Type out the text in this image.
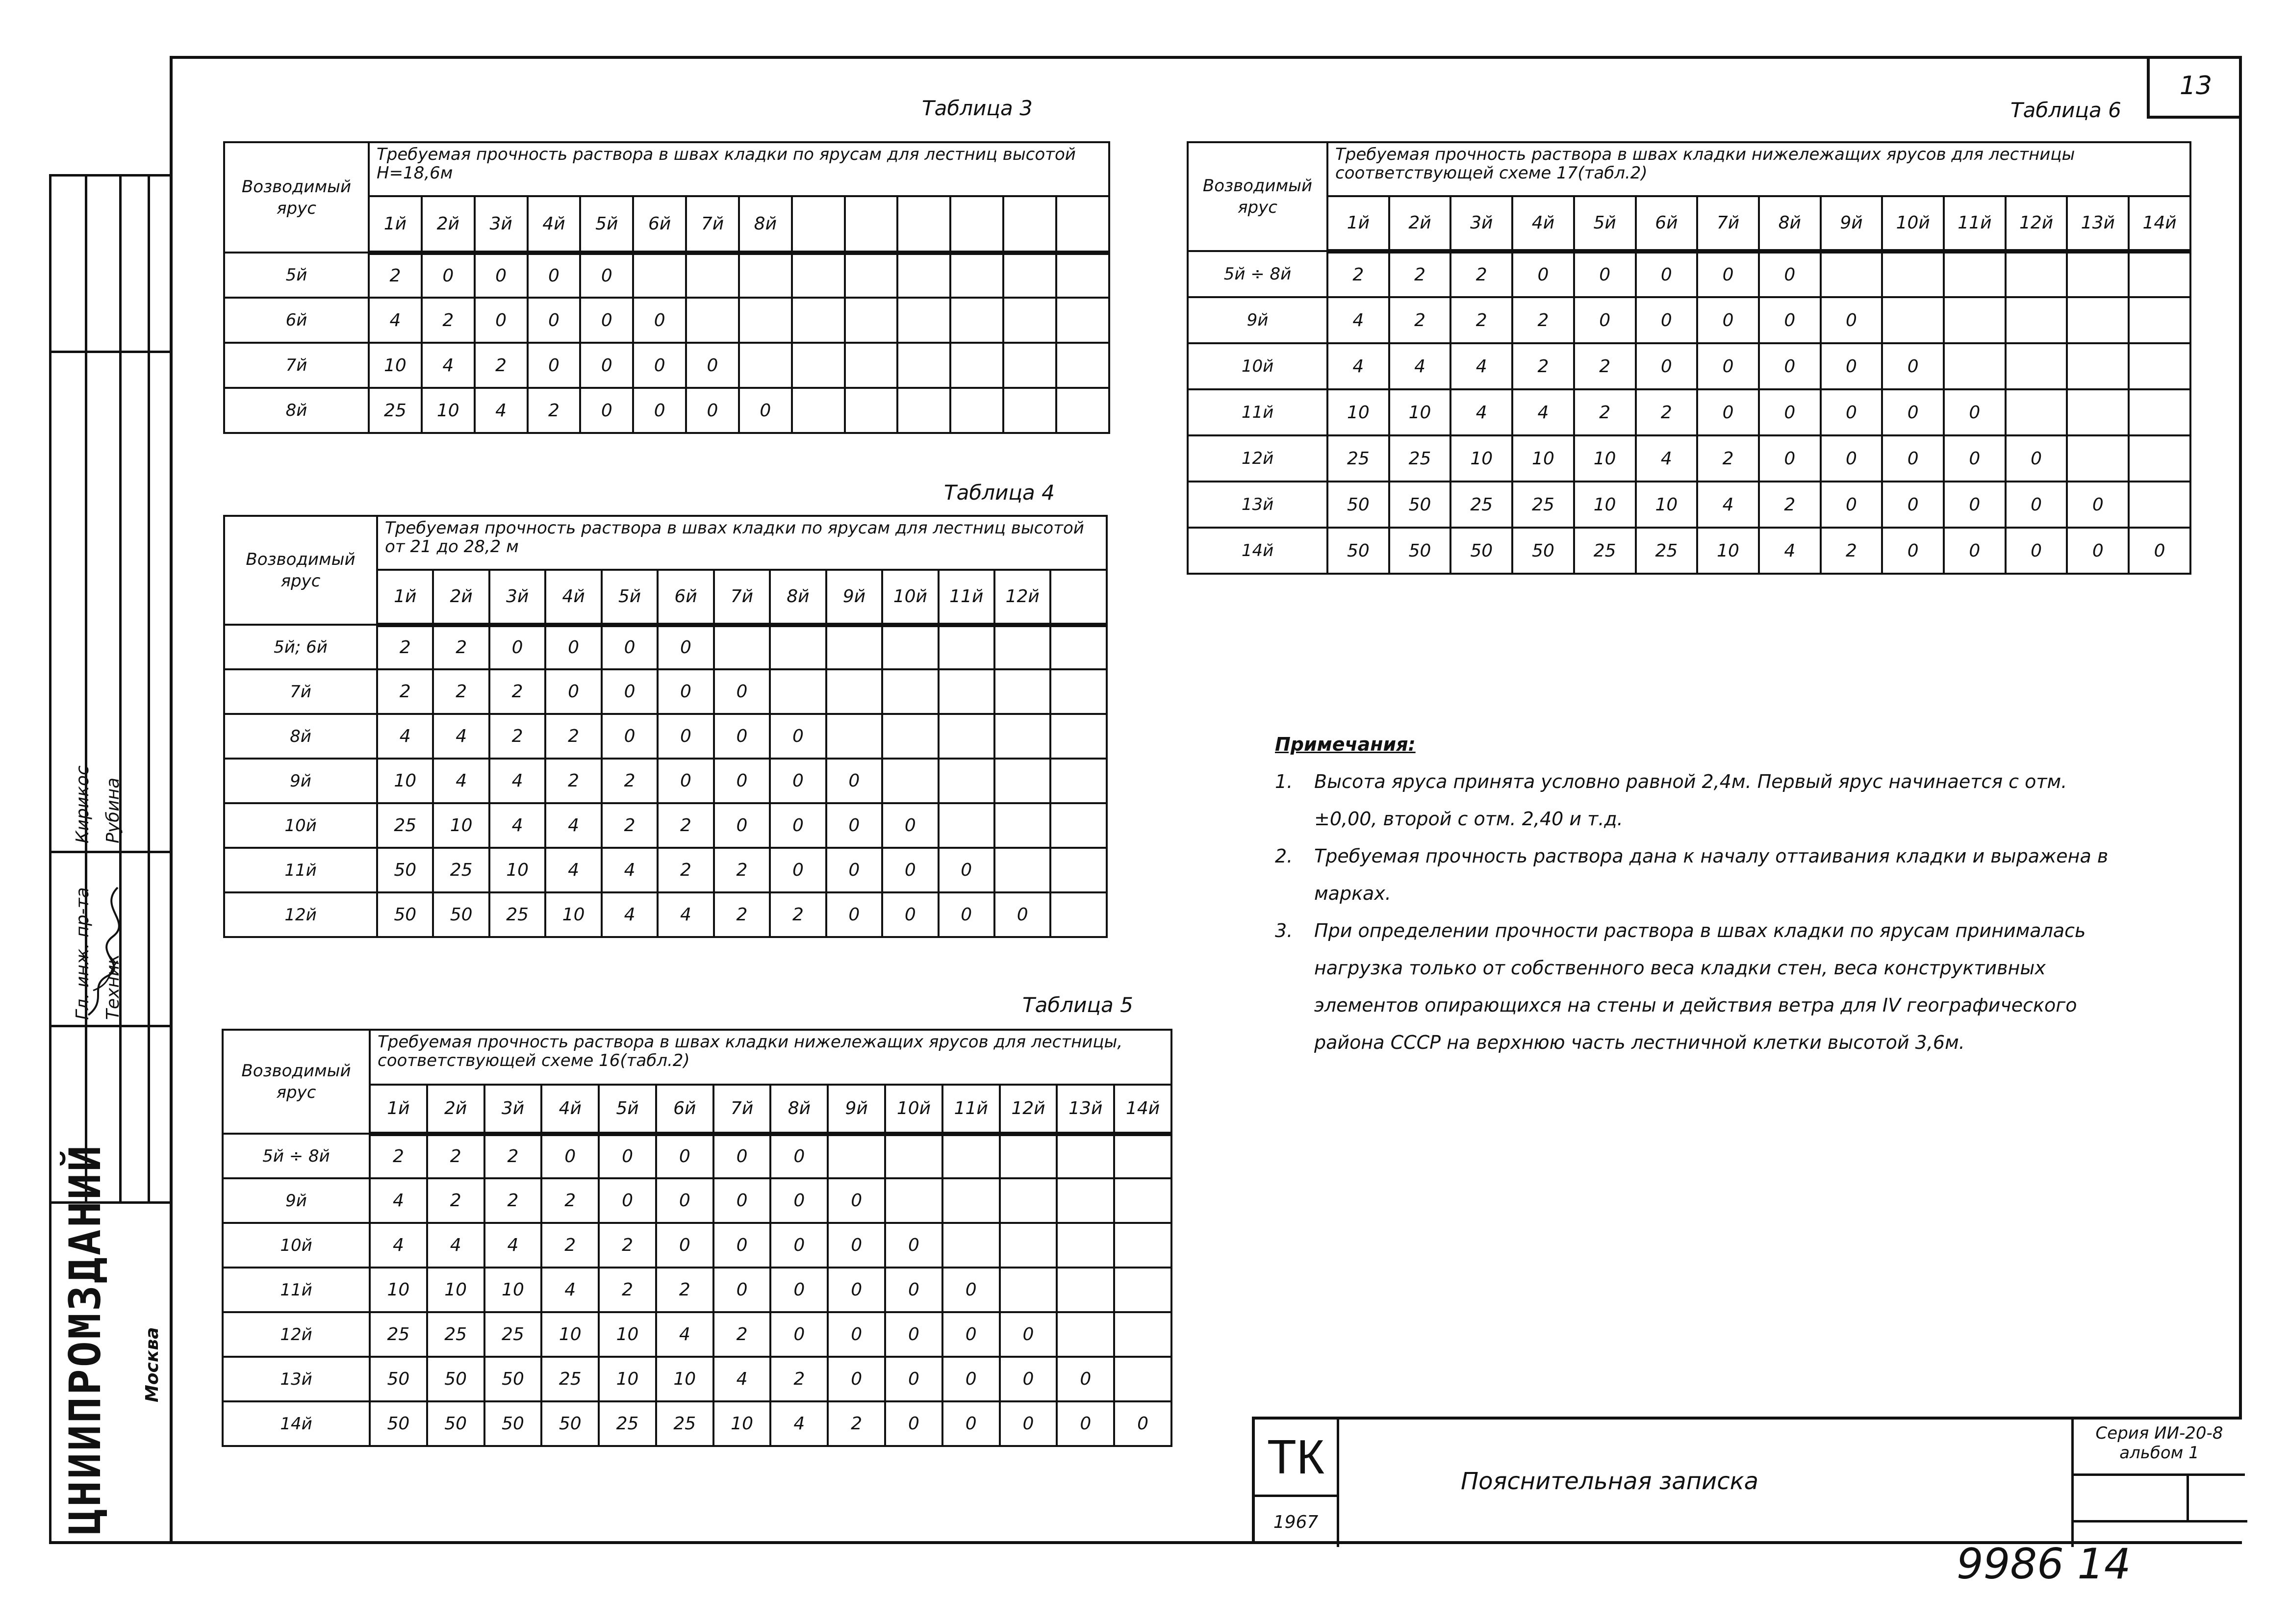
13
Гл. инж. пр-та Техник
Кирикос Рубина
ЦНИИПРОМЗДАНИЙ Москва
Таблица 3
Возводимый ярус	Требуемая прочность раствора в швах кладки по ярусам для лестниц высотой Н=18,6м													
	1й	2й	3й	4й	5й	6й	7й	8й						
5й	2	0	0	0	0									
6й	4	2	0	0	0	0								
7й	10	4	2	0	0	0	0							
8й	25	10	4	2	0	0	0	0						
Таблица 4
Возводимый ярус	Требуемая прочность раствора в швах кладки по ярусам для лестниц высотой от 21 до 28,2 м												
	1й	2й	3й	4й	5й	6й	7й	8й	9й	10й	11й	12й	
5й; 6й	2	2	0	0	0	0							
7й	2	2	2	0	0	0	0						
8й	4	4	2	2	0	0	0	0					
9й	10	4	4	2	2	0	0	0	0				
10й	25	10	4	4	2	2	0	0	0	0			
11й	50	25	10	4	4	2	2	0	0	0	0		
12й	50	50	25	10	4	4	2	2	0	0	0	0	
Таблица 5
Возводимый ярус	Требуемая прочность раствора в швах кладки нижележащих ярусов для лестницы, соответствующей схеме 16(табл.2)													
	1й	2й	3й	4й	5й	6й	7й	8й	9й	10й	11й	12й	13й	14й
5й ÷ 8й	2	2	2	0	0	0	0	0						
9й	4	2	2	2	0	0	0	0	0					
10й	4	4	4	2	2	0	0	0	0	0				
11й	10	10	10	4	2	2	0	0	0	0	0			
12й	25	25	25	10	10	4	2	0	0	0	0	0		
13й	50	50	50	25	10	10	4	2	0	0	0	0	0	
14й	50	50	50	50	25	25	10	4	2	0	0	0	0	0
Таблица 6
Возводимый ярус	Требуемая прочность раствора в швах кладки нижележащих ярусов для лестницы соответствующей схеме 17(табл.2)													
	1й	2й	3й	4й	5й	6й	7й	8й	9й	10й	11й	12й	13й	14й
5й ÷ 8й	2	2	2	0	0	0	0	0						
9й	4	2	2	2	0	0	0	0	0					
10й	4	4	4	2	2	0	0	0	0	0				
11й	10	10	4	4	2	2	0	0	0	0	0			
12й	25	25	10	10	10	4	2	0	0	0	0	0		
13й	50	50	25	25	10	10	4	2	0	0	0	0	0	
14й	50	50	50	50	25	25	10	4	2	0	0	0	0	0
Примечания:
1.	Высота яруса принята условно равной 2,4м. Первый ярус начинается с отм. ±0,00, второй с отм. 2,40 и т.д.
2.	Требуемая прочность раствора дана к началу оттаивания кладки и выражена в марках.
3.	При определении прочности раствора в швах кладки по ярусам принималась нагрузка только от собственного веса кладки стен, веса конструктивных элементов опирающихся на стены и действия ветра для IV географического района СССР на верхнюю часть лестничной клетки высотой 3,6м.
ТК
1967
Пояснительная записка
Серия ИИ-20-8
альбом 1
9986 14
